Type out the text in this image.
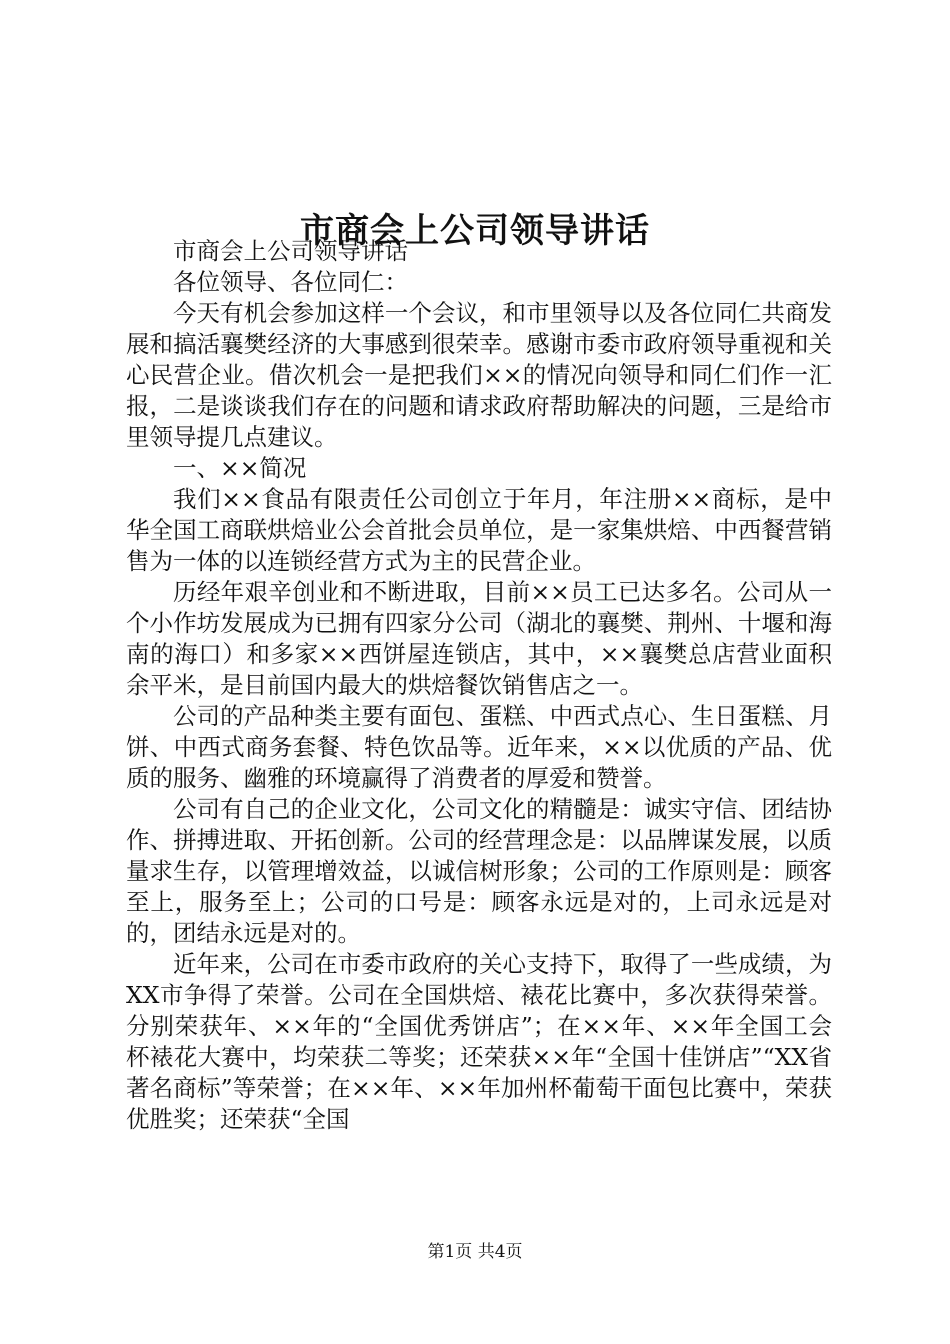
市商会上公司领导讲话

市商会上公司领导讲话

各位领导、各位同仁：

今天有机会参加这样一个会议，和市里领导以及各位同仁共商发展和搞活襄樊经济的大事感到很荣幸。感谢市委市政府领导重视和关心民营企业。借次机会一是把我们××的情况向领导和同仁们作一汇报，二是谈谈我们存在的问题和请求政府帮助解决的问题，三是给市里领导提几点建议。

一、××简况

我们××食品有限责任公司创立于年月，年注册××商标，是中华全国工商联烘焙业公会首批会员单位，是一家集烘焙、中西餐营销售为一体的以连锁经营方式为主的民营企业。

历经年艰辛创业和不断进取，目前××员工已达多名。公司从一个小作坊发展成为已拥有四家分公司（湖北的襄樊、荆州、十堰和海南的海口）和多家××西饼屋连锁店，其中，××襄樊总店营业面积余平米，是目前国内最大的烘焙餐饮销售店之一。

公司的产品种类主要有面包、蛋糕、中西式点心、生日蛋糕、月饼、中西式商务套餐、特色饮品等。近年来，××以优质的产品、优质的服务、幽雅的环境赢得了消费者的厚爱和赞誉。

公司有自己的企业文化，公司文化的精髓是：诚实守信、团结协作、拼搏进取、开拓创新。公司的经营理念是：以品牌谋发展，以质量求生存，以管理增效益，以诚信树形象；公司的工作原则是：顾客至上，服务至上；公司的口号是：顾客永远是对的，上司永远是对的，团结永远是对的。

近年来，公司在市委市政府的关心支持下，取得了一些成绩，为XX市争得了荣誉。公司在全国烘焙、裱花比赛中，多次获得荣誉。分别荣获年、××年的“全国优秀饼店”；在××年、××年全国工会杯裱花大赛中，均荣获二等奖；还荣获××年“全国十佳饼店”“XX省著名商标”等荣誉；在××年、××年加州杯葡萄干面包比赛中，荣获优胜奖；还荣获“全国

第1页 共4页
